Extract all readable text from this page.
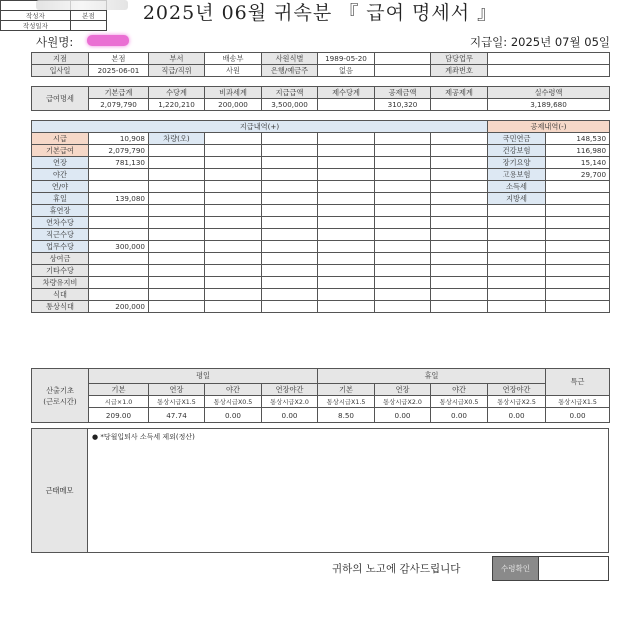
2025년 06월 귀속분 『 급여 명세서 』

작성자	본점
작성일자	
사원명:	지급일: 2025년 07월 05일
지점	본점	부서	배송부	사원식별	1989-05-20		담당업무	
입사일	2025-06-01	직급/직위	사원	은행/예금주	없음		계좌번호	
급여명세	기본급계	수당계	비과세계	지급급액	제수당계	공제금액	제공제계	실수령액
	2,079,790	1,220,210	200,000	3,500,000		310,320		3,189,680
지급내역(+)								공제내역(-)	
시급	10,908	차량(오)						국민연금	148,530
기본급여	2,079,790							건강보험	116,980
연장	781,130							장기요양	15,140
야간								고용보험	29,700
연/야								소득세	
휴일	139,080							지방세	
휴연장									
연차수당									
직근수당									
업무수당	300,000								
상여금									
기타수당									
차량유지비									
식대									
통상식대	200,000								
산출기초
(근로시간)	평일				휴일				특근
	기본	연장	야간	연장야간	기본	연장	야간	연장야간	
	시급×1.0	통상시급X1.5	통상시급X0.5	통상시급X2.0	통상시급X1.5	통상시급X2.0	통상시급X0.5	통상시급X2.5	통상시급X1.5
	209.00	47.74	0.00	0.00	8.50	0.00	0.00	0.00	0.00
근태메모
● *당월입퇴사 소득세 제외(정산)
귀하의 노고에 감사드립니다	수령확인	
